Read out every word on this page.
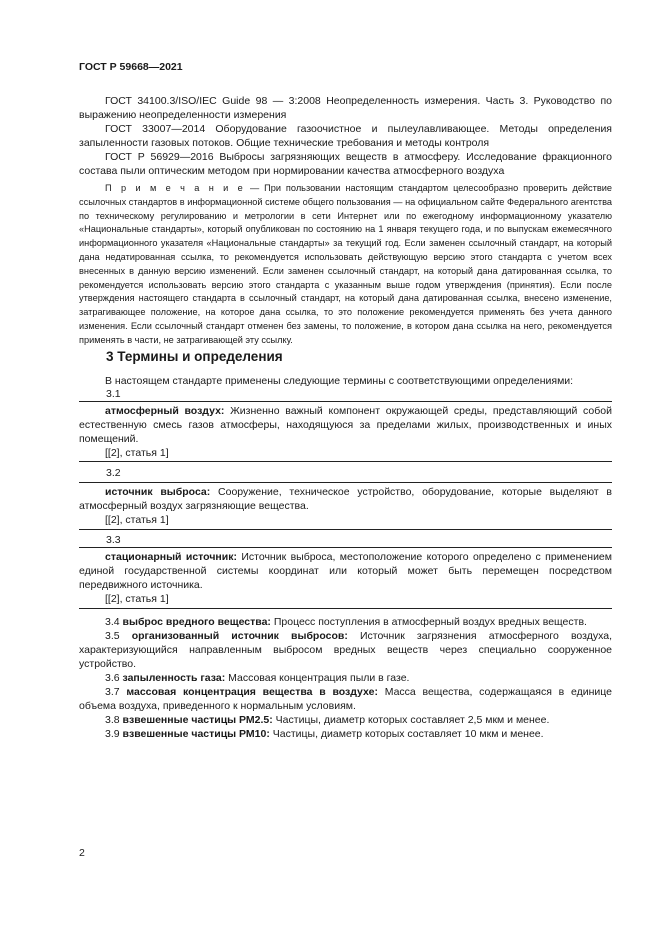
ГОСТ Р 59668—2021

ГОСТ 34100.3/ISO/IEC Guide 98 — 3:2008 Неопределенность измерения. Часть 3. Руководство по выражению неопределенности измерения

ГОСТ 33007—2014 Оборудование газоочистное и пылеулавливающее. Методы определения запыленности газовых потоков. Общие технические требования и методы контроля

ГОСТ Р 56929—2016 Выбросы загрязняющих веществ в атмосферу. Исследование фракционного состава пыли оптическим методом при нормировании качества атмосферного воздуха

П р и м е ч а н и е — При пользовании настоящим стандартом целесообразно проверить действие ссылочных стандартов в информационной системе общего пользования — на официальном сайте Федерального агентства по техническому регулированию и метрологии в сети Интернет или по ежегодному информационному указателю «Национальные стандарты», который опубликован по состоянию на 1 января текущего года, и по выпускам ежемесячного информационного указателя «Национальные стандарты» за текущий год. Если заменен ссылочный стандарт, на который дана недатированная ссылка, то рекомендуется использовать действующую версию этого стандарта с учетом всех внесенных в данную версию изменений. Если заменен ссылочный стандарт, на который дана датированная ссылка, то рекомендуется использовать версию этого стандарта с указанным выше годом утверждения (принятия). Если после утверждения настоящего стандарта в ссылочный стандарт, на который дана датированная ссылка, внесено изменение, затрагивающее положение, на которое дана ссылка, то это положение рекомендуется применять без учета данного изменения. Если ссылочный стандарт отменен без замены, то положение, в котором дана ссылка на него, рекомендуется применять в части, не затрагивающей эту ссылку.

3 Термины и определения

В настоящем стандарте применены следующие термины с соответствующими определениями:

3.1

атмосферный воздух: Жизненно важный компонент окружающей среды, представляющий собой естественную смесь газов атмосферы, находящуюся за пределами жилых, производственных и иных помещений.

[[2], статья 1]

3.2

источник выброса: Сооружение, техническое устройство, оборудование, которые выделяют в атмосферный воздух загрязняющие вещества.

[[2], статья 1]

3.3

стационарный источник: Источник выброса, местоположение которого определено с применением единой государственной системы координат или который может быть перемещен посредством передвижного источника.

[[2], статья 1]

3.4 выброс вредного вещества: Процесс поступления в атмосферный воздух вредных веществ.

3.5 организованный источник выбросов: Источник загрязнения атмосферного воздуха, характеризующийся направленным выбросом вредных веществ через специально сооруженное устройство.

3.6 запыленность газа: Массовая концентрация пыли в газе.

3.7 массовая концентрация вещества в воздухе: Масса вещества, содержащаяся в единице объема воздуха, приведенного к нормальным условиям.

3.8 взвешенные частицы РМ2.5: Частицы, диаметр которых составляет 2,5 мкм и менее.

3.9 взвешенные частицы РМ10: Частицы, диаметр которых составляет 10 мкм и менее.

2
